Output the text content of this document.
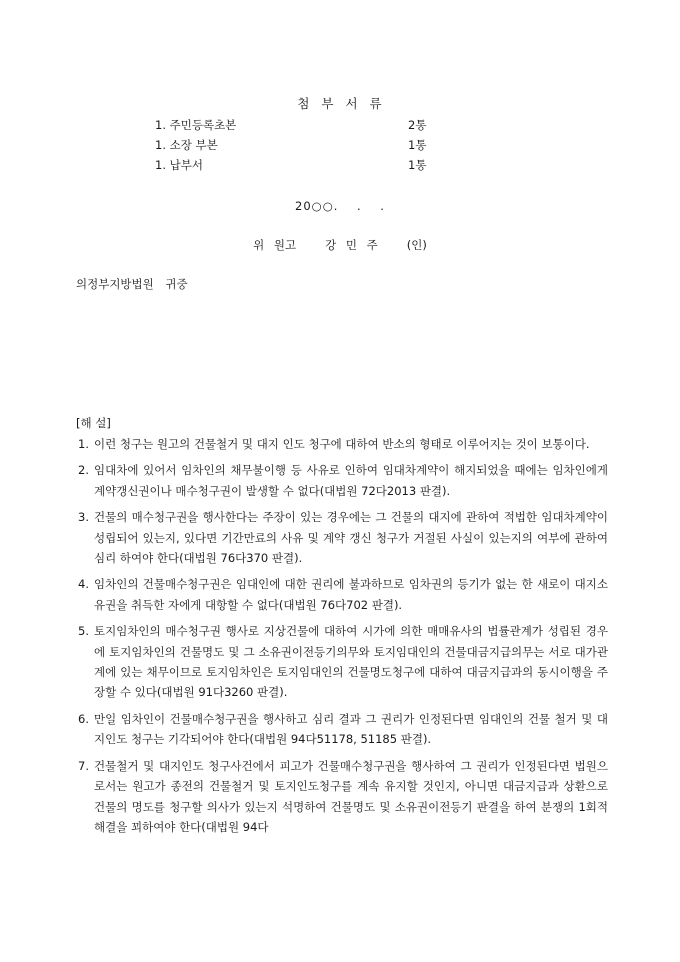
첨 부 서 류
1. 주민등록초본	2통
1. 소장 부본	1통
1. 납부서	1통
20○○.    .    .
위 원고   강 민 주   (인)
의정부지방법원 귀중
[해 설]
1. 이런 청구는 원고의 건물철거 및 대지 인도 청구에 대하여 반소의 형태로 이루어지는 것이 보통이다.
2. 임대차에 있어서 임차인의 채무불이행 등 사유로 인하여 임대차계약이 해지되었을 때에는 임차인에게 계약갱신권이나 매수청구권이 발생할 수 없다(대법원 72다2013 판결).
3. 건물의 매수청구권을 행사한다는 주장이 있는 경우에는 그 건물의 대지에 관하여 적법한 임대차계약이 성립되어 있는지, 있다면 기간만료의 사유 및 계약 갱신 청구가 거절된 사실이 있는지의 여부에 관하여 심리 하여야 한다(대법원 76다370 판결).
4. 임차인의 건물매수청구권은 임대인에 대한 권리에 불과하므로 임차권의 등기가 없는 한 새로이 대지소유권을 취득한 자에게 대항할 수 없다(대법원 76다702 판결).
5. 토지임차인의 매수청구권 행사로 지상건물에 대하여 시가에 의한 매매유사의 법률관계가 성립된 경우에 토지임차인의 건물명도 및 그 소유권이전등기의무와 토지임대인의 건물대금지급의무는 서로 대가관계에 있는 채무이므로 토지임차인은 토지임대인의 건물명도청구에 대하여 대금지급과의 동시이행을 주장할 수 있다(대법원 91다3260 판결).
6. 만일 임차인이 건물매수청구권을 행사하고 심리 결과 그 권리가 인정된다면 임대인의 건물 철거 및 대지인도 청구는 기각되어야 한다(대법원 94다51178, 51185 판결).
7. 건물철거 및 대지인도 청구사건에서 피고가 건물매수청구권을 행사하여 그 권리가 인정된다면 법원으로서는 원고가 종전의 건물철거 및 토지인도청구를 계속 유지할 것인지, 아니면 대금지급과 상환으로 건물의 명도를 청구할 의사가 있는지 석명하여 건물명도 및 소유권이전등기 판결을 하여 분쟁의 1회적 해결을 꾀하여야 한다(대법원 94다
